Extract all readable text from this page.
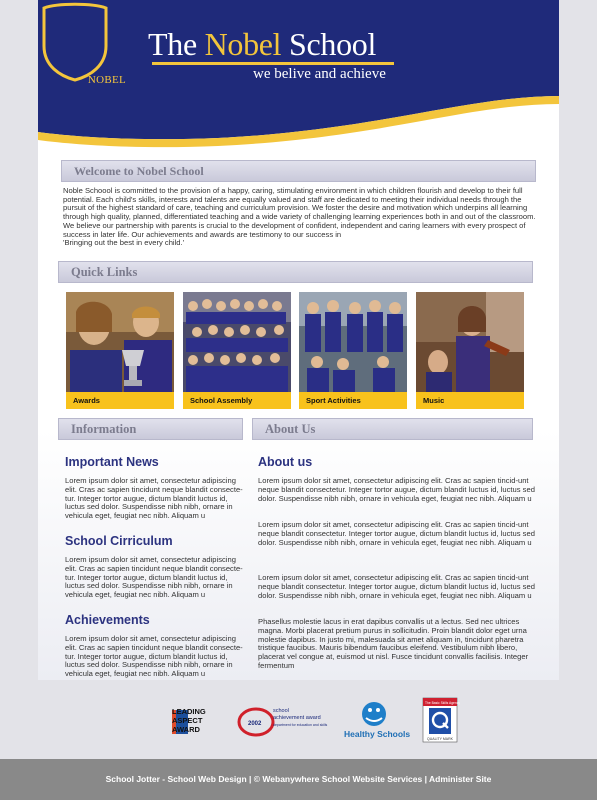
NOBEL
The Nobel School
we belive and achieve
Welcome to Nobel School

Noble Schoool is committed to the provision of a happy, caring, stimulating environment in which children flourish and develop to their full potential. Each child's skills, interests and talents are equally valued and staff are dedicated to meeting their individual needs through the pursuit of the highest standard of care, teaching and curriculum provision. We foster the desire and motivation which underpins all learning through high quality, planned, differentiated teaching and a wide variety of challenging learning experiences both in and out of the classroom. We believe our partnership with parents is crucial to the development of confident, independent and caring learners with every prospect of success in later life. Our achievements and awards are testimony to our success in

'Bringing out the best in every child.'

Quick Links
Awards	School Assembly	Sport Activities	Music
Information	About Us
Important News
Lorem ipsum dolor sit amet, consectetur adipiscing elit. Cras ac sapien tincidunt neque blandit consecte-tur. Integer tortor augue, dictum blandit luctus id, luctus sed dolor. Suspendisse nibh nibh, ornare in vehicula eget, feugiat nec nibh. Aliquam u
School Cirriculum
Lorem ipsum dolor sit amet, consectetur adipiscing elit. Cras ac sapien tincidunt neque blandit consecte-tur. Integer tortor augue, dictum blandit luctus id, luctus sed dolor. Suspendisse nibh nibh, ornare in vehicula eget, feugiat nec nibh. Aliquam u
Achievements
Lorem ipsum dolor sit amet, consectetur adipiscing elit. Cras ac sapien tincidunt neque blandit consecte-tur. Integer tortor augue, dictum blandit luctus id, luctus sed dolor. Suspendisse nibh nibh, ornare in vehicula eget, feugiat nec nibh. Aliquam u
About us
Lorem ipsum dolor sit amet, consectetur adipiscing elit. Cras ac sapien tincid-unt neque blandit consectetur. Integer tortor augue, dictum blandit luctus id, luctus sed dolor. Suspendisse nibh nibh, ornare in vehicula eget, feugiat nec nibh. Aliquam u
Lorem ipsum dolor sit amet, consectetur adipiscing elit. Cras ac sapien tincid-unt neque blandit consectetur. Integer tortor augue, dictum blandit luctus id, luctus sed dolor. Suspendisse nibh nibh, ornare in vehicula eget, feugiat nec nibh. Aliquam u
Lorem ipsum dolor sit amet, consectetur adipiscing elit. Cras ac sapien tincid-unt neque blandit consectetur. Integer tortor augue, dictum blandit luctus id, luctus sed dolor. Suspendisse nibh nibh, ornare in vehicula eget, feugiat nec nibh. Aliquam u
Phasellus molestie lacus in erat dapibus convallis ut a lectus. Sed nec ultrices magna. Morbi placerat pretium purus in sollicitudin. Proin blandit dolor eget urna molestie dapibus. In justo mi, malesuada sit amet aliquam in, tincidunt pharetra tristique faucibus. Mauris bibendum faucibus eleifend. Vestibulum nibh libero, placerat vel congue at, euismod ut nisl. Fusce tincidunt convallis facilisis. Integer fermentum
LEADING
ASPECT
AWARD
2002
school
achievement award
department for education and skills
Healthy Schools
The Basic Skills Agency
QUALITY MARK
School Jotter - School Web Design | © Webanywhere School Website Services | Administer Site
